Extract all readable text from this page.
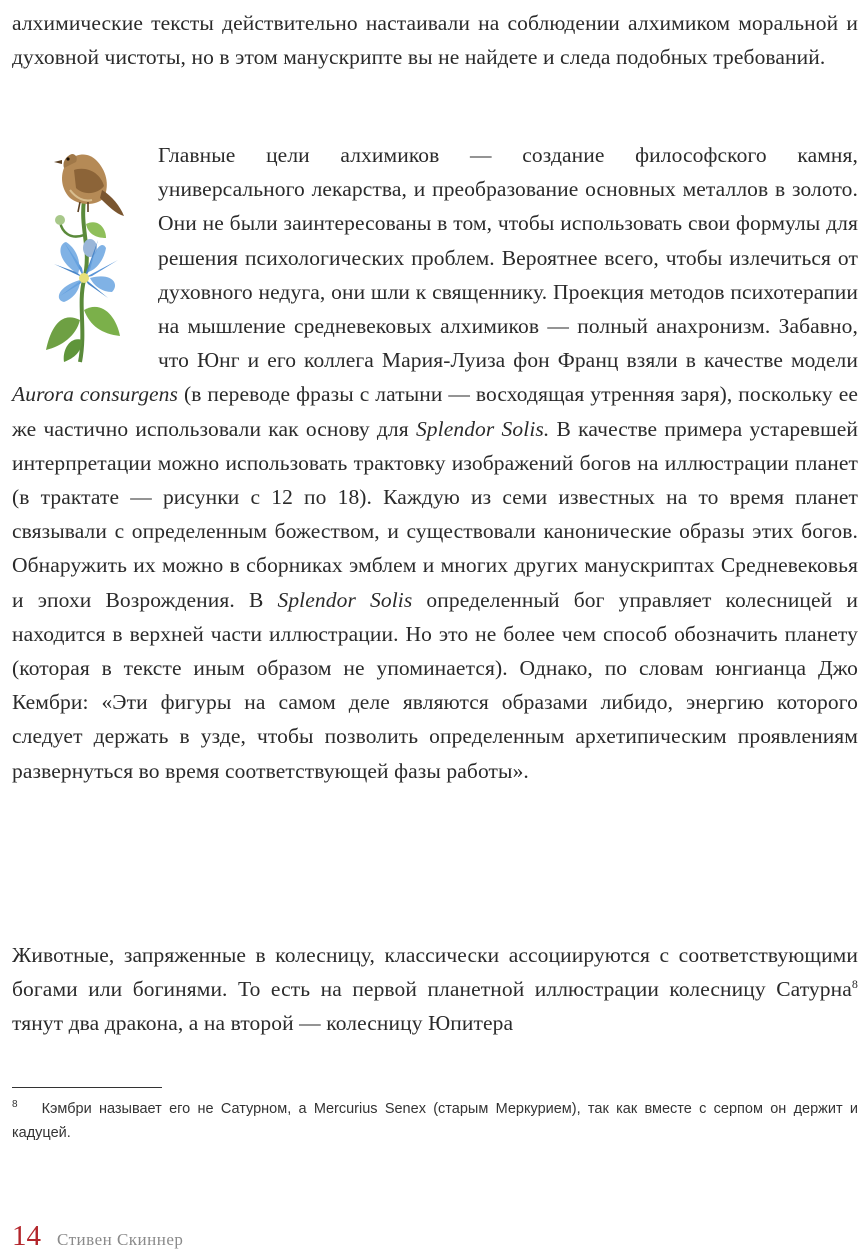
алхимические тексты действительно настаивали на соблюдении алхимиком моральной и духовной чистоты, но в этом манускрипте вы не найдете и следа подобных требований.

Главные цели алхимиков — создание философского камня, универсального лекарства, и преобразование основных металлов в золото. Они не были заинтересованы в том, чтобы использовать свои формулы для решения психологических проблем. Вероятнее всего, чтобы излечиться от духовного недуга, они шли к священнику. Проекция методов психотерапии на мышление средневековых алхимиков — полный анахронизм. Забавно, что Юнг и его коллега Мария-Луиза фон Франц взяли в качестве модели Aurora consurgens (в переводе фразы с латыни — восходящая утренняя заря), поскольку ее же частично использовали как основу для Splendor Solis. В качестве примера устаревшей интерпретации можно использовать трактовку изображений богов на иллюстрации планет (в трактате — рисунки с 12 по 18). Каждую из семи известных на то время планет связывали с определенным божеством, и существовали канонические образы этих богов. Обнаружить их можно в сборниках эмблем и многих других манускриптах Средневековья и эпохи Возрождения. В Splendor Solis определенный бог управляет колесницей и находится в верхней части иллюстрации. Но это не более чем способ обозначить планету (которая в тексте иным образом не упоминается). Однако, по словам юнгианца Джо Кембри: «Эти фигуры на самом деле являются образами либидо, энергию которого следует держать в узде, чтобы позволить определенным архетипическим проявлениям развернуться во время соответствующей фазы работы».

Животные, запряженные в колесницу, классически ассоциируются с соответствующими богами или богинями. То есть на первой планетной иллюстрации колесницу Сатурна$^8$ тянут два дракона, а на второй — колесницу Юпитера

$^8$ Кэмбри называет его не Сатурном, а Mercurius Senex (старым Меркурием), так как вместе с серпом он держит и кадуцей.
14 Стивен Скиннер
